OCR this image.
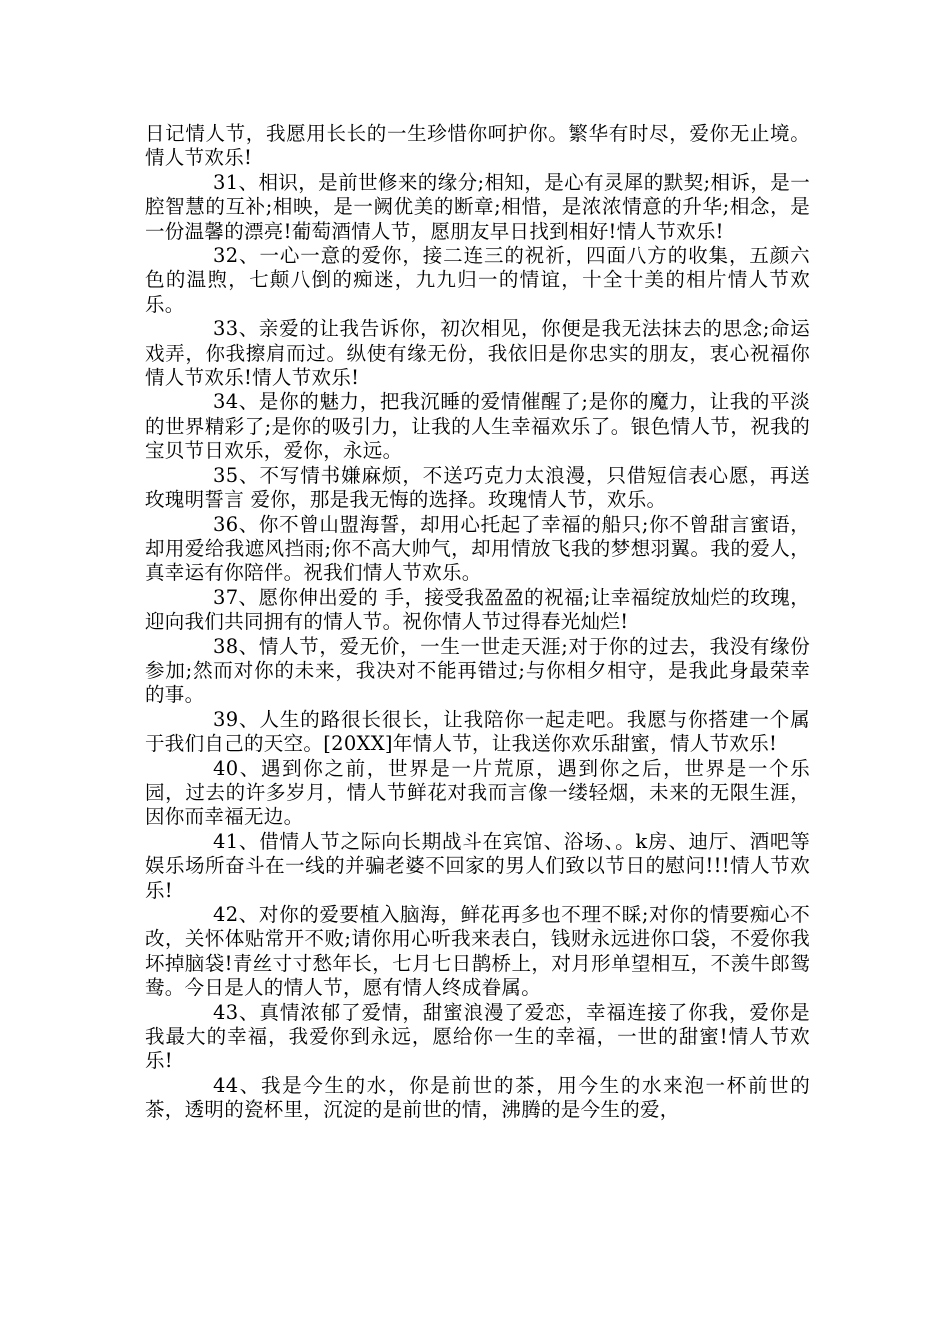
日记情人节，我愿用长长的一生珍惜你呵护你。繁华有时尽，爱你无止境。情人节欢乐!

31、相识，是前世修来的缘分;相知，是心有灵犀的默契;相诉，是一腔智慧的互补;相映，是一阙优美的断章;相惜，是浓浓情意的升华;相念，是一份温馨的漂亮!葡萄酒情人节，愿朋友早日找到相好!情人节欢乐!

32、一心一意的爱你，接二连三的祝祈，四面八方的收集，五颜六色的温煦，七颠八倒的痴迷，九九归一的情谊，十全十美的相片情人节欢乐。

33、亲爱的让我告诉你，初次相见，你便是我无法抹去的思念;命运戏弄，你我擦肩而过。纵使有缘无份，我依旧是你忠实的朋友，衷心祝福你情人节欢乐!情人节欢乐!

34、是你的魅力，把我沉睡的爱情催醒了;是你的魔力，让我的平淡的世界精彩了;是你的吸引力，让我的人生幸福欢乐了。银色情人节，祝我的宝贝节日欢乐，爱你，永远。

35、不写情书嫌麻烦，不送巧克力太浪漫，只借短信表心愿，再送玫瑰明誓言 爱你，那是我无悔的选择。玫瑰情人节，欢乐。

36、你不曾山盟海誓，却用心托起了幸福的船只;你不曾甜言蜜语，却用爱给我遮风挡雨;你不高大帅气，却用情放飞我的梦想羽翼。我的爱人，真幸运有你陪伴。祝我们情人节欢乐。

37、愿你伸出爱的 手，接受我盈盈的祝福;让幸福绽放灿烂的玫瑰，迎向我们共同拥有的情人节。祝你情人节过得春光灿烂!

38、情人节，爱无价，一生一世走天涯;对于你的过去，我没有缘份参加;然而对你的未来，我决对不能再错过;与你相夕相守，是我此身最荣幸的事。

39、人生的路很长很长，让我陪你一起走吧。我愿与你搭建一个属于我们自己的天空。[20XX]年情人节，让我送你欢乐甜蜜，情人节欢乐!

40、遇到你之前，世界是一片荒原，遇到你之后，世界是一个乐园，过去的许多岁月，情人节鲜花对我而言像一缕轻烟，未来的无限生涯，因你而幸福无边。

41、借情人节之际向长期战斗在宾馆、浴场、。k房、迪厅、酒吧等娱乐场所奋斗在一线的并骗老婆不回家的男人们致以节日的慰问!!!情人节欢乐!

42、对你的爱要植入脑海，鲜花再多也不理不睬;对你的情要痴心不改，关怀体贴常开不败;请你用心听我来表白，钱财永远进你口袋，不爱你我坏掉脑袋!青丝寸寸愁年长，七月七日鹊桥上，对月形单望相互，不羡牛郎鸳鸯。今日是人的情人节，愿有情人终成眷属。

43、真情浓郁了爱情，甜蜜浪漫了爱恋，幸福连接了你我，爱你是我最大的幸福，我爱你到永远，愿给你一生的幸福，一世的甜蜜!情人节欢乐!

44、我是今生的水，你是前世的茶，用今生的水来泡一杯前世的茶，透明的瓷杯里，沉淀的是前世的情，沸腾的是今生的爱，
